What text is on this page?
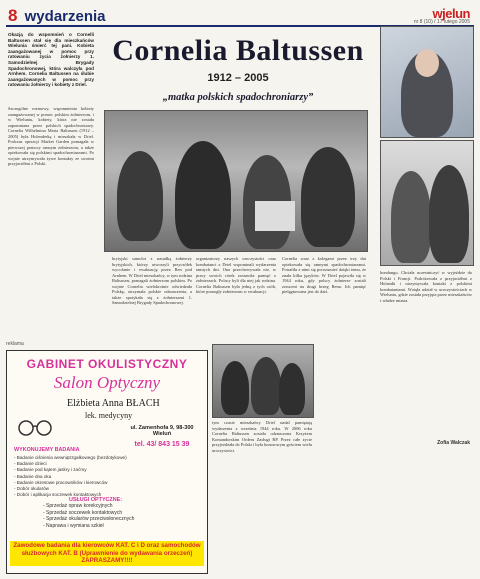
8 wydarzenia	wjelun
nr 8 (10) / 17 lutego 2005
Okazją do wspomnień o Cornelli Baltussen stał się dla mieszkańców Wielunia śmierć tej pani. Kobieta zaangażowanej w pomoc przy ratowaniu życia żołnierzy 1. Samodzielnej Brygady Spadochronowej, która walczyła pod Arnhem. Cornelia Baltussen na ślubie zaangażowanych w pomoc przy ratowaniu żołnierzy i kobiety z Driel.
Szczególne rozmowy, wspomnienia kobiety zaangażowanej w pomoc polskim żołnierzom, i w Wieluniu, kobiety, która nie została zapomniana przez polskich spadochroniarzy. Cornelia Wilhelmina Maria Baltussen (1912 – 2005) była Holenderką i mieszkała w Driel. Podczas operacji Market Garden pomagała w pierwszej pomocy rannym żołnierzom, a także opiekowała się polskimi spadochroniarzami. Po wojnie utrzymywała żywe kontakty ze swoimi przyjaciółmi z Polski.
Cornelia Baltussen
1912 – 2005
„matka polskich spadochroniarzy”
brytyjski samolot z nasadką żołnierzy brytyjskich, którzy utworzyli przyczółek wycofanie i ewakuację przez Ren pod Arnhem. W Driel mieszkańcy, w tym rodzina Baltussen, pomagali żołnierzom polskim. Po wojnie Cornelia wielokrotnie odwiedzała Polskę, otrzymała polskie odznaczenia, a także spotykała się z żołnierzami 1. Samodzielnej Brygady Spadochronowej.
organizatorzy naszych uroczystości oraz kombatanci z Driel wspominali wydarzenia tamtych dni. Ona przechowywała nie, w pracy swoich córek zostawiła pamięć o żołnierzach. Polacy byli dla niej jak rodzina. Cornelia Baltussen była jedną z tych osób, które pomogły żołnierzom w ewakuacji.
Cornelia wraz z kolegami przez trzy dni opiekowała się rannymi spadochroniarzami. Potrafiła z nimi się porozumieć dzięki temu, że znała kilka języków. W Driel pojawiła się w 1944 roku, gdy polscy żołnierze zostali zrzuceni na drugi brzeg Renu. Ich pamięć pielęgnowana jest do dziś.
tym czasie mieszkańcy Driel nadal pamiętają wydarzenia z września 1944 roku. W 2006 roku Cornelia Baltussen została odznaczona Krzyżem Komandorskim Orderu Zasługi RP. Przez całe życie przyjeżdżała do Polski i była honorowym gościem wielu uroczystości.
hondungu. Chciała uczestniczyć w wyjeździe do Polski i Francji. Podróżowała z przyjaciółmi z Holandii i utrzymywała kontakt z polskimi kombatantami. Wzięła udział w uroczystościach w Wieluniu, gdzie została przyjęta przez mieszkańców i władze miasta.
Zofia Walczak
reklama
GABINET OKULISTYCZNY
Salon Optyczny
Elżbieta Anna BŁACH
lek. medycyny
ul. Zamenhofa 9, 98-300 Wieluń
tel. 43/ 843 15 39
WYKONUJEMY BADANIA
- Badanie ciśnienia wewnątrzgałkowego (bezdotykowe)
- Badanie dzieci
- Badanie pod kątem jaskry i zaćmy
- Badanie dna oka
- Badanie okresowe pracowników i kierowców
- Dobór okularów
- Dobór i aplikacja soczewek kontaktowych
USŁUGI OPTYCZNE:
- Sprzedaż opraw korekcyjnych
- Sprzedaż soczewek kontaktowych
- Sprzedaż okularów przeciwsłonecznych
- Naprawa i wymiana szkieł
Zawodowe badania dla kierowców KAT. C i D oraz samochodów służbowych KAT. B (Uprawnienie do wydawania orzeczeń) ZAPRASZAMY!!!!
